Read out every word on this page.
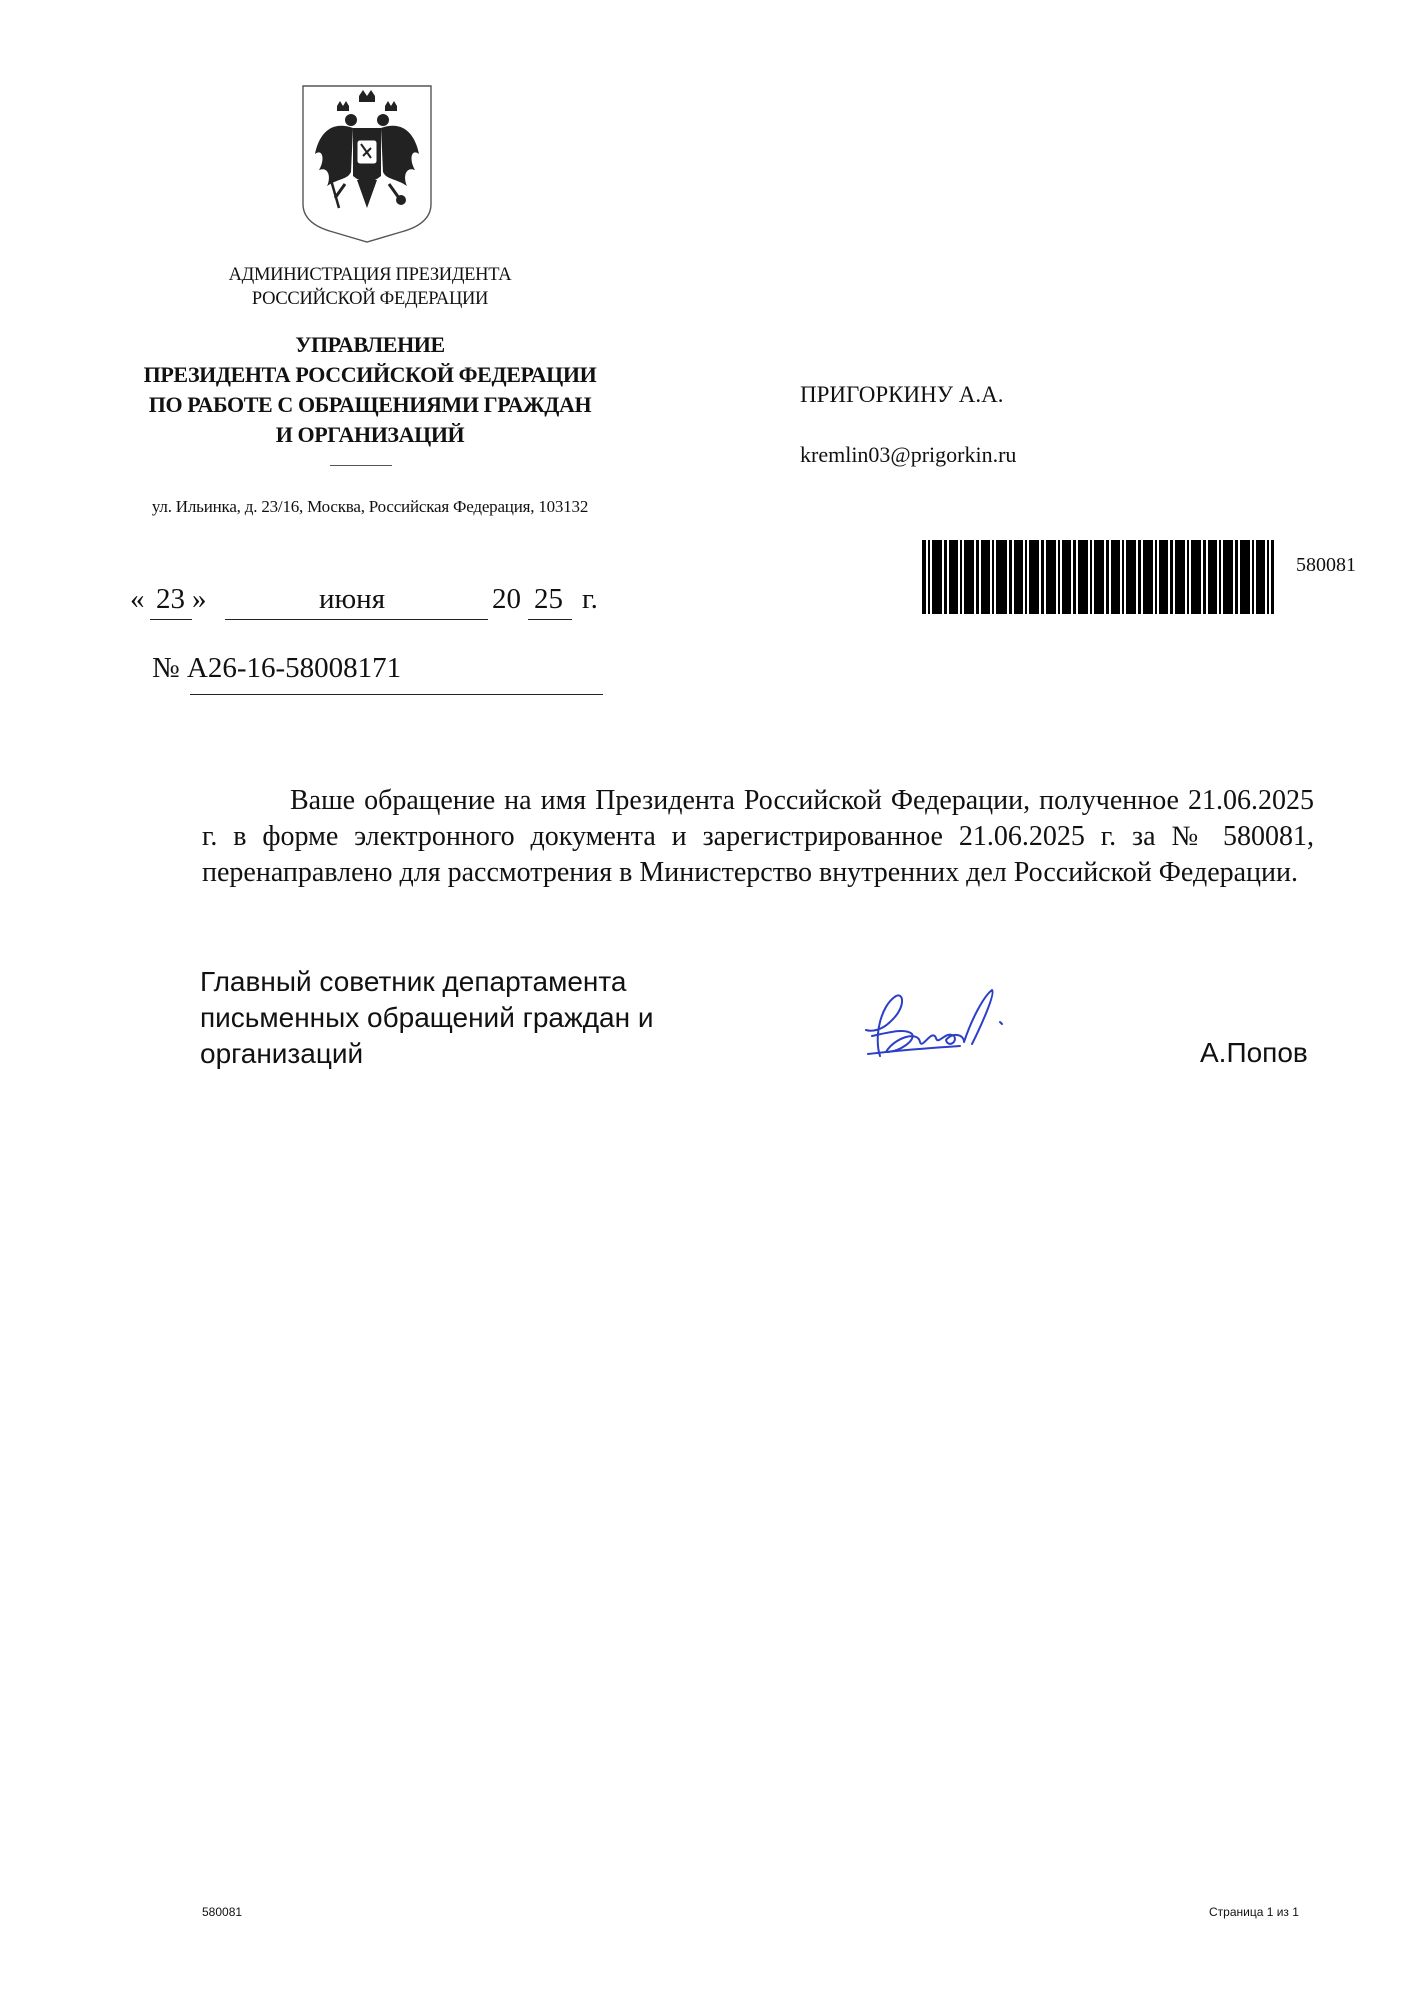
АДМИНИСТРАЦИЯ ПРЕЗИДЕНТА
РОССИЙСКОЙ ФЕДЕРАЦИИ
УПРАВЛЕНИЕ
ПРЕЗИДЕНТА РОССИЙСКОЙ ФЕДЕРАЦИИ
ПО РАБОТЕ С ОБРАЩЕНИЯМИ ГРАЖДАН
И ОРГАНИЗАЦИЙ
ул. Ильинка, д. 23/16, Москва, Российская Федерация, 103132
ПРИГОРКИНУ А.А.
kremlin03@prigorkin.ru
580081
« 23 »	июня	20 25 г.
№ А26-16-58008171
Ваше обращение на имя Президента Российской Федерации, полученное 21.06.2025 г. в форме электронного документа и зарегистрированное 21.06.2025 г. за № 580081, перенаправлено для рассмотрения в Министерство внутренних дел Российской Федерации.
Главный советник департамента
письменных обращений граждан и
организаций	А.Попов
580081	Страница 1 из 1
